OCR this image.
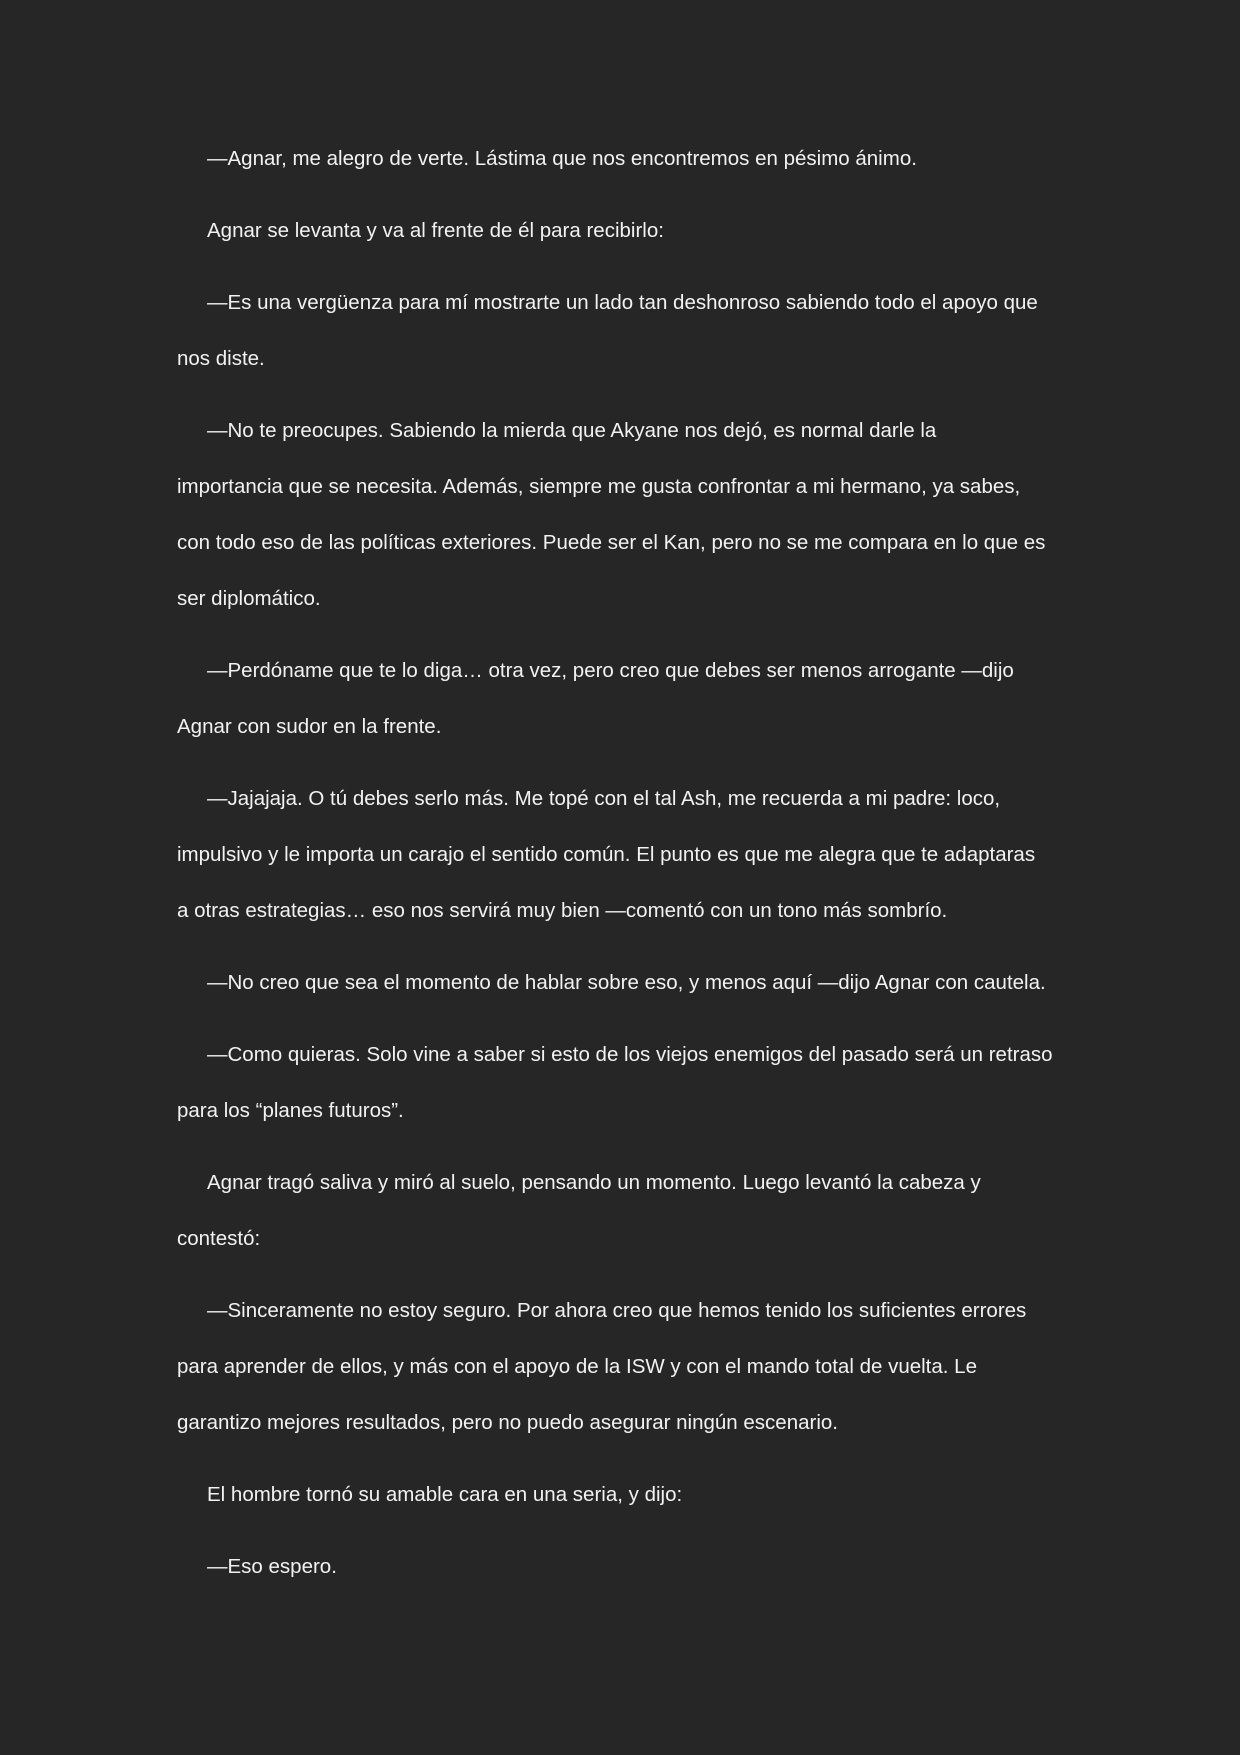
—Agnar, me alegro de verte. Lástima que nos encontremos en pésimo ánimo.

Agnar se levanta y va al frente de él para recibirlo:

—Es una vergüenza para mí mostrarte un lado tan deshonroso sabiendo todo el apoyo que
nos diste.

—No te preocupes. Sabiendo la mierda que Akyane nos dejó, es normal darle la
importancia que se necesita. Además, siempre me gusta confrontar a mi hermano, ya sabes,
con todo eso de las políticas exteriores. Puede ser el Kan, pero no se me compara en lo que es
ser diplomático.

—Perdóname que te lo diga… otra vez, pero creo que debes ser menos arrogante —dijo
Agnar con sudor en la frente.

—Jajajaja. O tú debes serlo más. Me topé con el tal Ash, me recuerda a mi padre: loco,
impulsivo y le importa un carajo el sentido común. El punto es que me alegra que te adaptaras
a otras estrategias… eso nos servirá muy bien —comentó con un tono más sombrío.

—No creo que sea el momento de hablar sobre eso, y menos aquí —dijo Agnar con cautela.

—Como quieras. Solo vine a saber si esto de los viejos enemigos del pasado será un retraso
para los “planes futuros”.

Agnar tragó saliva y miró al suelo, pensando un momento. Luego levantó la cabeza y
contestó:

—Sinceramente no estoy seguro. Por ahora creo que hemos tenido los suficientes errores
para aprender de ellos, y más con el apoyo de la ISW y con el mando total de vuelta. Le
garantizo mejores resultados, pero no puedo asegurar ningún escenario.

El hombre tornó su amable cara en una seria, y dijo:

—Eso espero.
